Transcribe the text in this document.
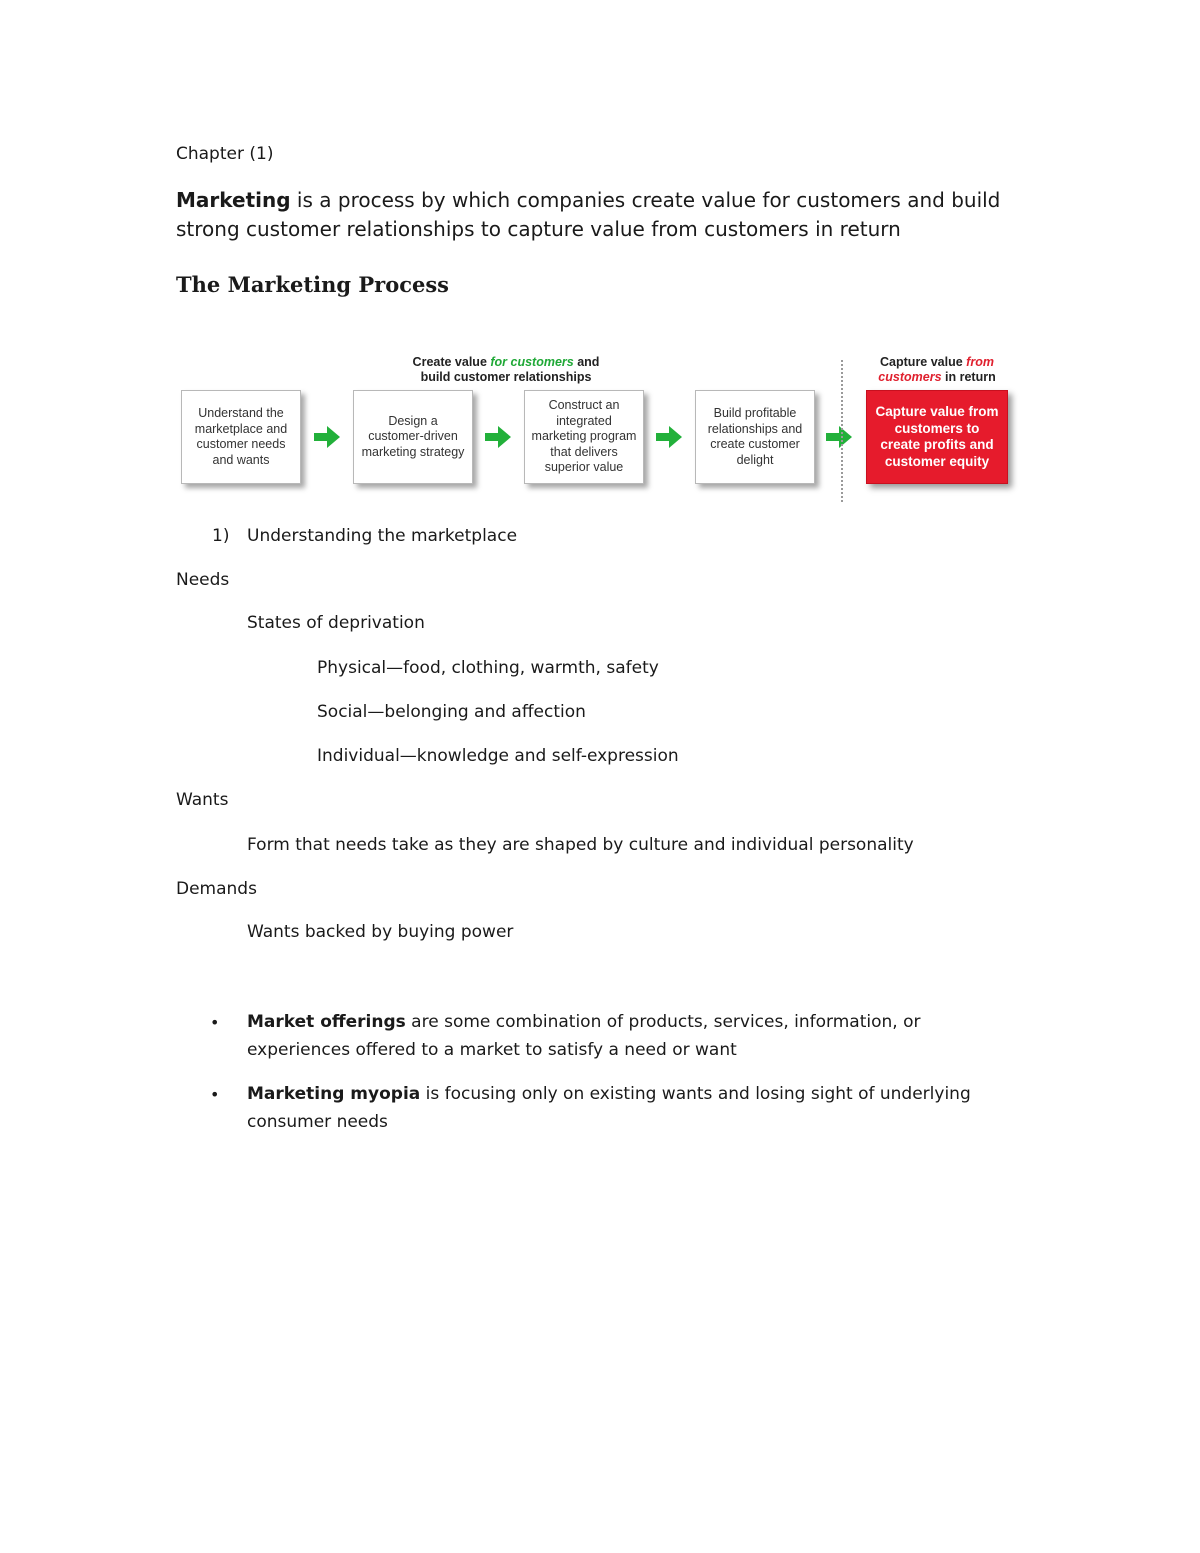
Chapter (1)
Marketing is a process by which companies create value for customers and build strong customer relationships to capture value from customers in return
The Marketing Process
Create value for customers and
build customer relationships
Capture value from
customers in return
Understand the marketplace and customer needs and wants
Design a customer-driven marketing strategy
Construct an integrated marketing program that delivers superior value
Build profitable relationships and create customer delight
Capture value from customers to create profits and customer equity
1) Understanding the marketplace
Needs
States of deprivation
Physical—food, clothing, warmth, safety
Social—belonging and affection
Individual—knowledge and self-expression
Wants
Form that needs take as they are shaped by culture and individual personality
Demands
Wants backed by buying power
• Market offerings are some combination of products, services, information, or experiences offered to a market to satisfy a need or want
• Marketing myopia is focusing only on existing wants and losing sight of underlying consumer needs
